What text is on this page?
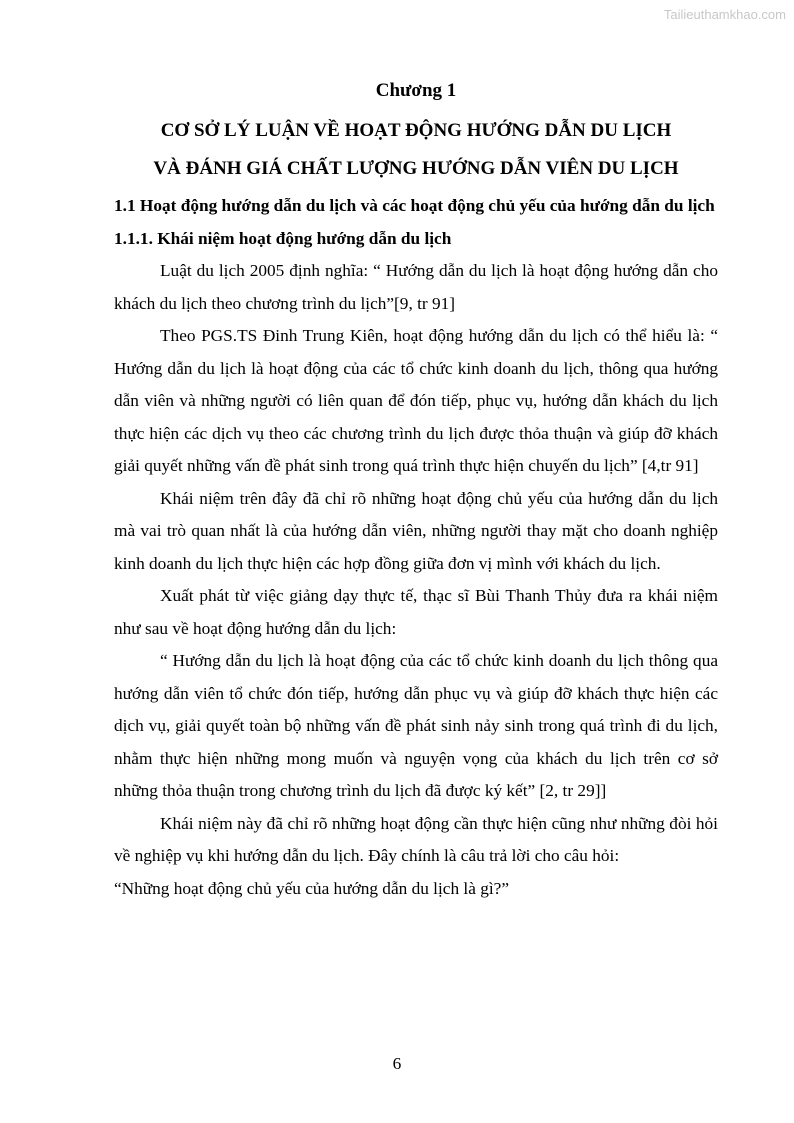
Tailieuthamkhao.com
Chương 1
CƠ SỞ LÝ LUẬN VỀ HOẠT ĐỘNG HƯỚNG DẪN DU LỊCH
VÀ ĐÁNH GIÁ CHẤT LƯỢNG HƯỚNG DẪN VIÊN DU LỊCH
1.1 Hoạt động hướng dẫn du lịch và các hoạt động chủ yếu của hướng dẫn du lịch
1.1.1. Khái niệm hoạt động hướng dẫn du lịch

Luật du lịch 2005 định nghĩa: “ Hướng dẫn du lịch là hoạt động hướng dẫn cho khách du lịch theo chương trình du lịch”[9, tr 91]

Theo PGS.TS Đinh Trung Kiên, hoạt động hướng dẫn du lịch có thể hiểu là: “ Hướng dẫn du lịch là hoạt động của các tổ chức kinh doanh du lịch, thông qua hướng dẫn viên và những người có liên quan để đón tiếp, phục vụ, hướng dẫn khách du lịch thực hiện các dịch vụ theo các chương trình du lịch được thỏa thuận và giúp đỡ khách giải quyết những vấn đề phát sinh trong quá trình thực hiện chuyến du lịch” [4,tr 91]

Khái niệm trên đây đã chỉ rõ những hoạt động chủ yếu của hướng dẫn du lịch mà vai trò quan nhất là của hướng dẫn viên, những người thay mặt cho doanh nghiệp kinh doanh du lịch thực hiện các hợp đồng giữa đơn vị mình với khách du lịch.

Xuất phát từ việc giảng dạy thực tế, thạc sĩ Bùi Thanh Thủy đưa ra khái niệm như sau về hoạt động hướng dẫn du lịch:

“ Hướng dẫn du lịch là hoạt động của các tổ chức kinh doanh du lịch thông qua hướng dẫn viên tổ chức đón tiếp, hướng dẫn phục vụ và giúp đỡ khách thực hiện các dịch vụ, giải quyết toàn bộ những vấn đề phát sinh nảy sinh trong quá trình đi du lịch, nhằm thực hiện những mong muốn và nguyện vọng của khách du lịch trên cơ sở những thỏa thuận trong chương trình du lịch đã được ký kết” [2, tr 29]]

Khái niệm này đã chỉ rõ những hoạt động cần thực hiện cũng như những đòi hỏi về nghiệp vụ khi hướng dẫn du lịch. Đây chính là câu trả lời cho câu hỏi:

“Những hoạt động chủ yếu của hướng dẫn du lịch là gì?”

6
